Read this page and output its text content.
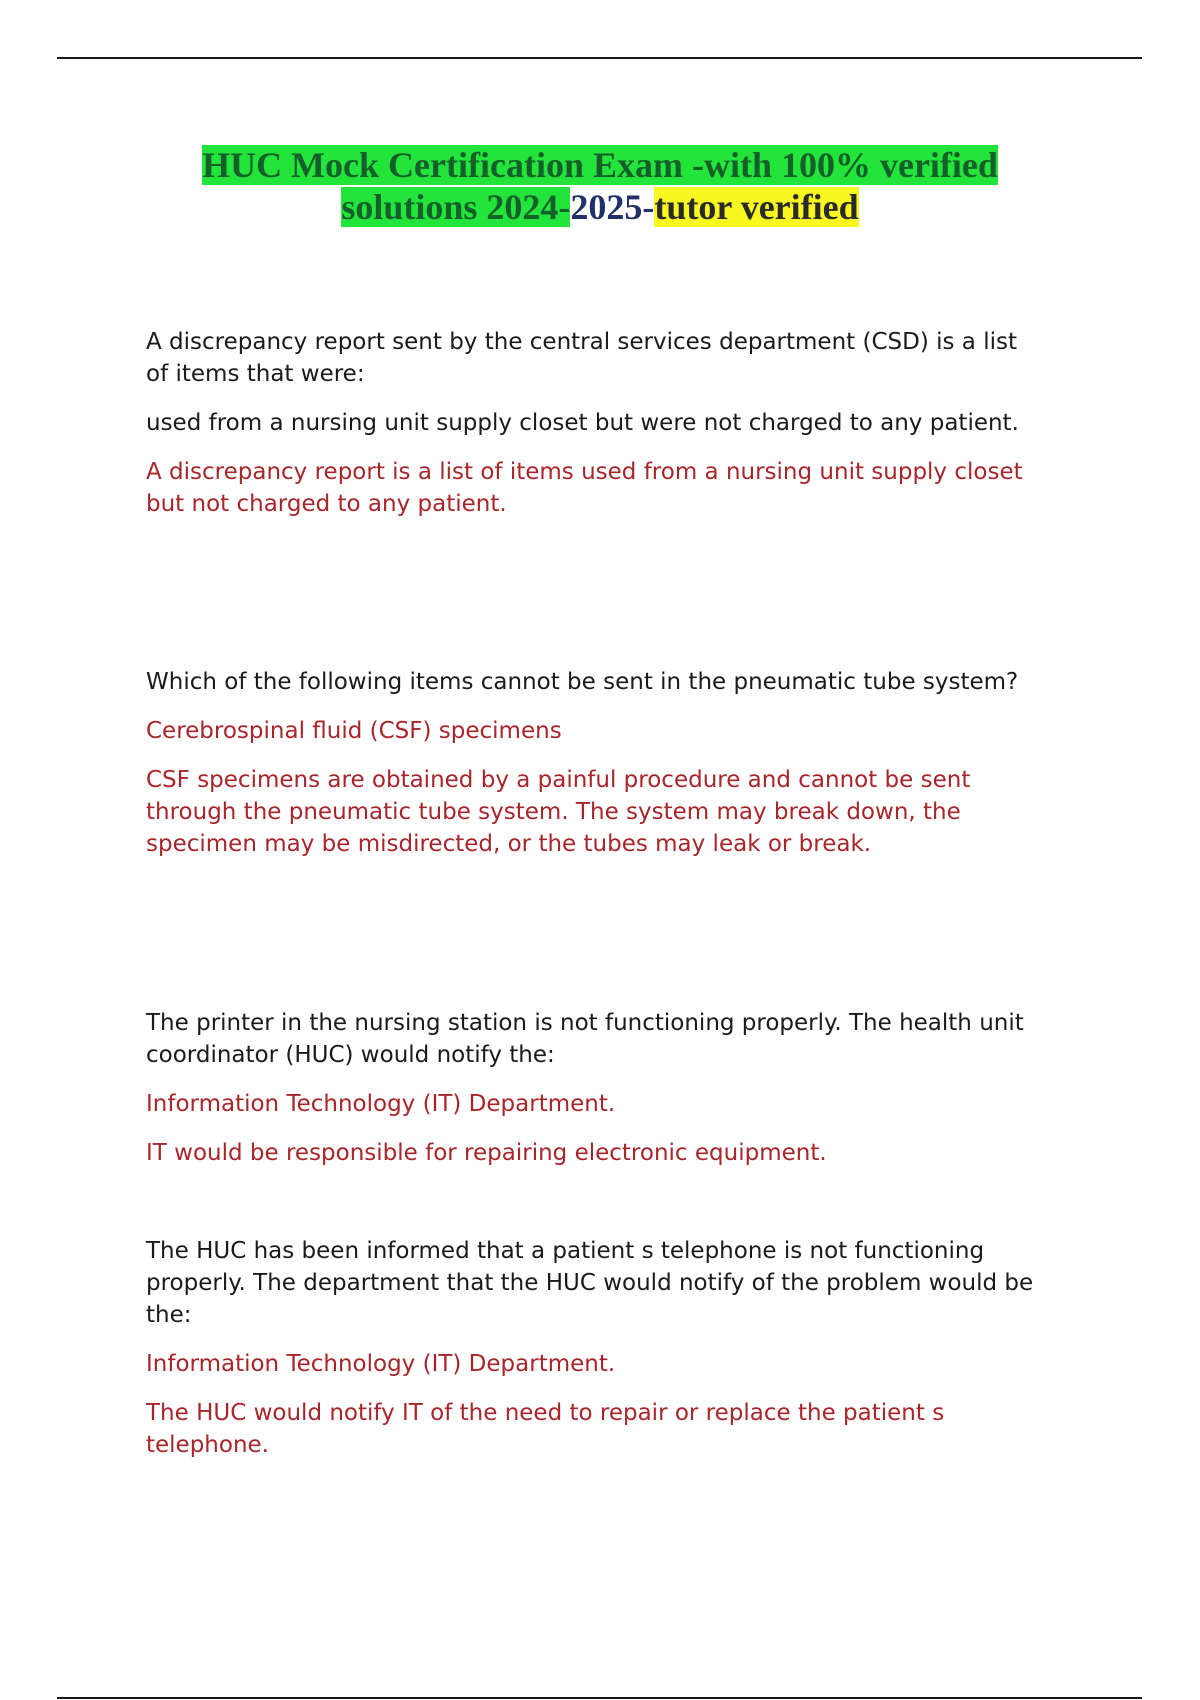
HUC Mock Certification Exam -with 100% verified
solutions 2024-2025-tutor verified

A discrepancy report sent by the central services department (CSD) is a list of items that were:

used from a nursing unit supply closet but were not charged to any patient.

A discrepancy report is a list of items used from a nursing unit supply closet but not charged to any patient.

Which of the following items cannot be sent in the pneumatic tube system?

Cerebrospinal fluid (CSF) specimens

CSF specimens are obtained by a painful procedure and cannot be sent through the pneumatic tube system. The system may break down, the specimen may be misdirected, or the tubes may leak or break.

The printer in the nursing station is not functioning properly. The health unit coordinator (HUC) would notify the:

Information Technology (IT) Department.

IT would be responsible for repairing electronic equipment.

The HUC has been informed that a patient s telephone is not functioning properly. The department that the HUC would notify of the problem would be the:

Information Technology (IT) Department.

The HUC would notify IT of the need to repair or replace the patient s telephone.
